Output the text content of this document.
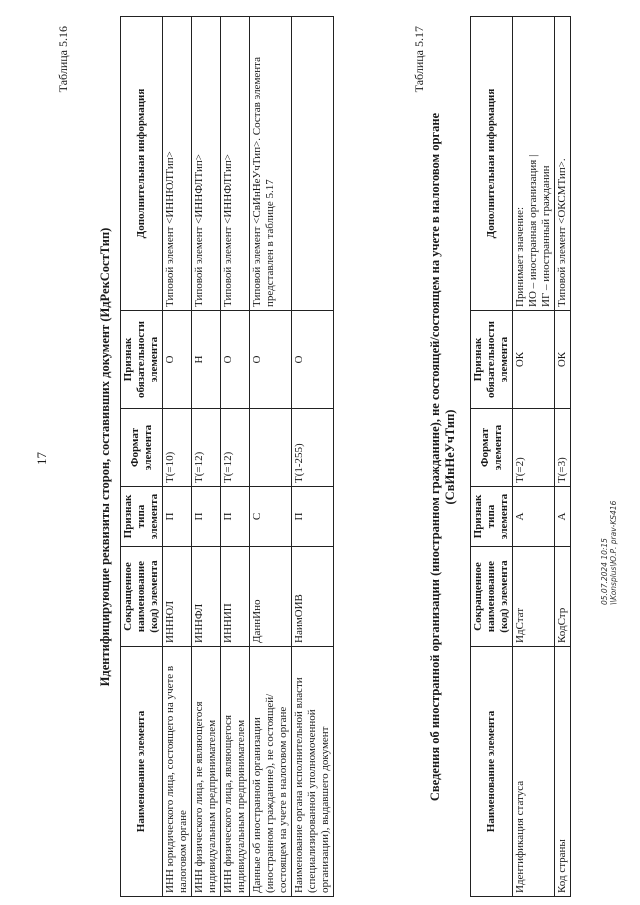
17
Таблица 5.16
Идентифицирующие реквизиты сторон, составивших документ (ИдРекСостТип)
Наименование элемента	Сокращенное наименование (код) элемента	Признак типа элемента	Формат элемента	Признак обязательности элемента	Дополнительная информация
ИНН юридического лица, состоящего на учете в налоговом органе	ИННЮЛ	П	T(=10)	О	Типовой элемент <ИННЮЛТип>
ИНН физического лица, не являющегося индивидуальным предпринимателем	ИННФЛ	П	T(=12)	Н	Типовой элемент <ИННФЛТип>
ИНН физического лица, являющегося индивидуальным предпринимателем	ИННИП	П	T(=12)	О	Типовой элемент <ИННФЛТип>
Данные об иностранной организации (иностранном гражданине), не состоящей/состоящем на учете в налоговом органе	ДаннИно	С		О	Типовой элемент <СвИнНеУчТип>. Состав элемента представлен в таблице 5.17
Наименование органа исполнительной власти (специализированной уполномоченной организации), выдавшего документ	НаимОИВ	П	T(1-255)	О	
Таблица 5.17
Сведения об иностранной организации (иностранном гражданине), не состоящей/состоящем на учете в налоговом органе (СвИнНеУчТип)
Наименование элемента	Сокращенное наименование (код) элемента	Признак типа элемента	Формат элемента	Признак обязательности элемента	Дополнительная информация
Идентификация статуса	ИдСтат	А	T(=2)	ОК	Принимает значение:
ИО – иностранная организация |
ИГ – иностранный гражданин
Код страны	КодСтр	А	T(=3)	ОК	Типовой элемент <ОКСМТип>.
05.07.2024 10:15 \\Konsplus\Ю.Р. prav-KS416
